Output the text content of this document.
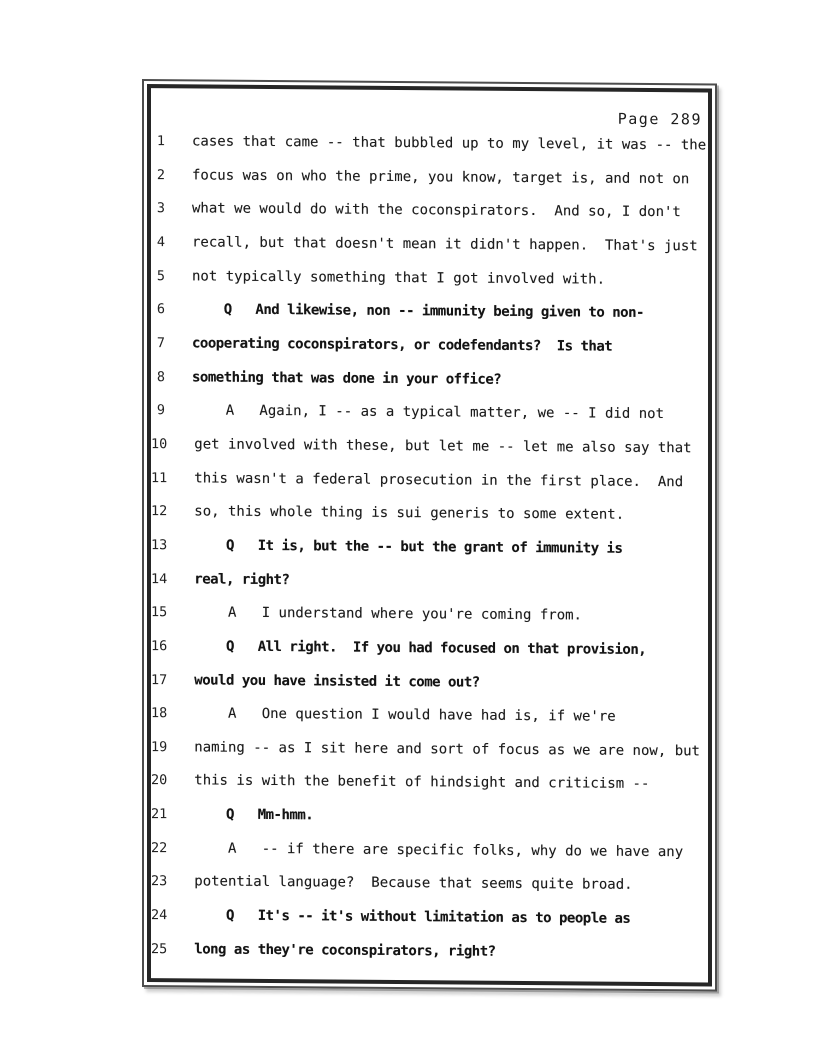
Page 289
1 cases that came -- that bubbled up to my level, it was -- the
2 focus was on who the prime, you know, target is, and not on
3 what we would do with the coconspirators.  And so, I don't
4 recall, but that doesn't mean it didn't happen.  That's just
5 not typically something that I got involved with.
6 Q   And likewise, non -- immunity being given to non-
7 cooperating coconspirators, or codefendants?  Is that
8 something that was done in your office?
9 A   Again, I -- as a typical matter, we -- I did not
10 get involved with these, but let me -- let me also say that
11 this wasn't a federal prosecution in the first place.  And
12 so, this whole thing is sui generis to some extent.
13 Q   It is, but the -- but the grant of immunity is
14 real, right?
15 A   I understand where you're coming from.
16 Q   All right.  If you had focused on that provision,
17 would you have insisted it come out?
18 A   One question I would have had is, if we're
19 naming -- as I sit here and sort of focus as we are now, but
20 this is with the benefit of hindsight and criticism --
21 Q   Mm-hmm.
22 A   -- if there are specific folks, why do we have any
23 potential language?  Because that seems quite broad.
24 Q   It's -- it's without limitation as to people as
25 long as they're coconspirators, right?
